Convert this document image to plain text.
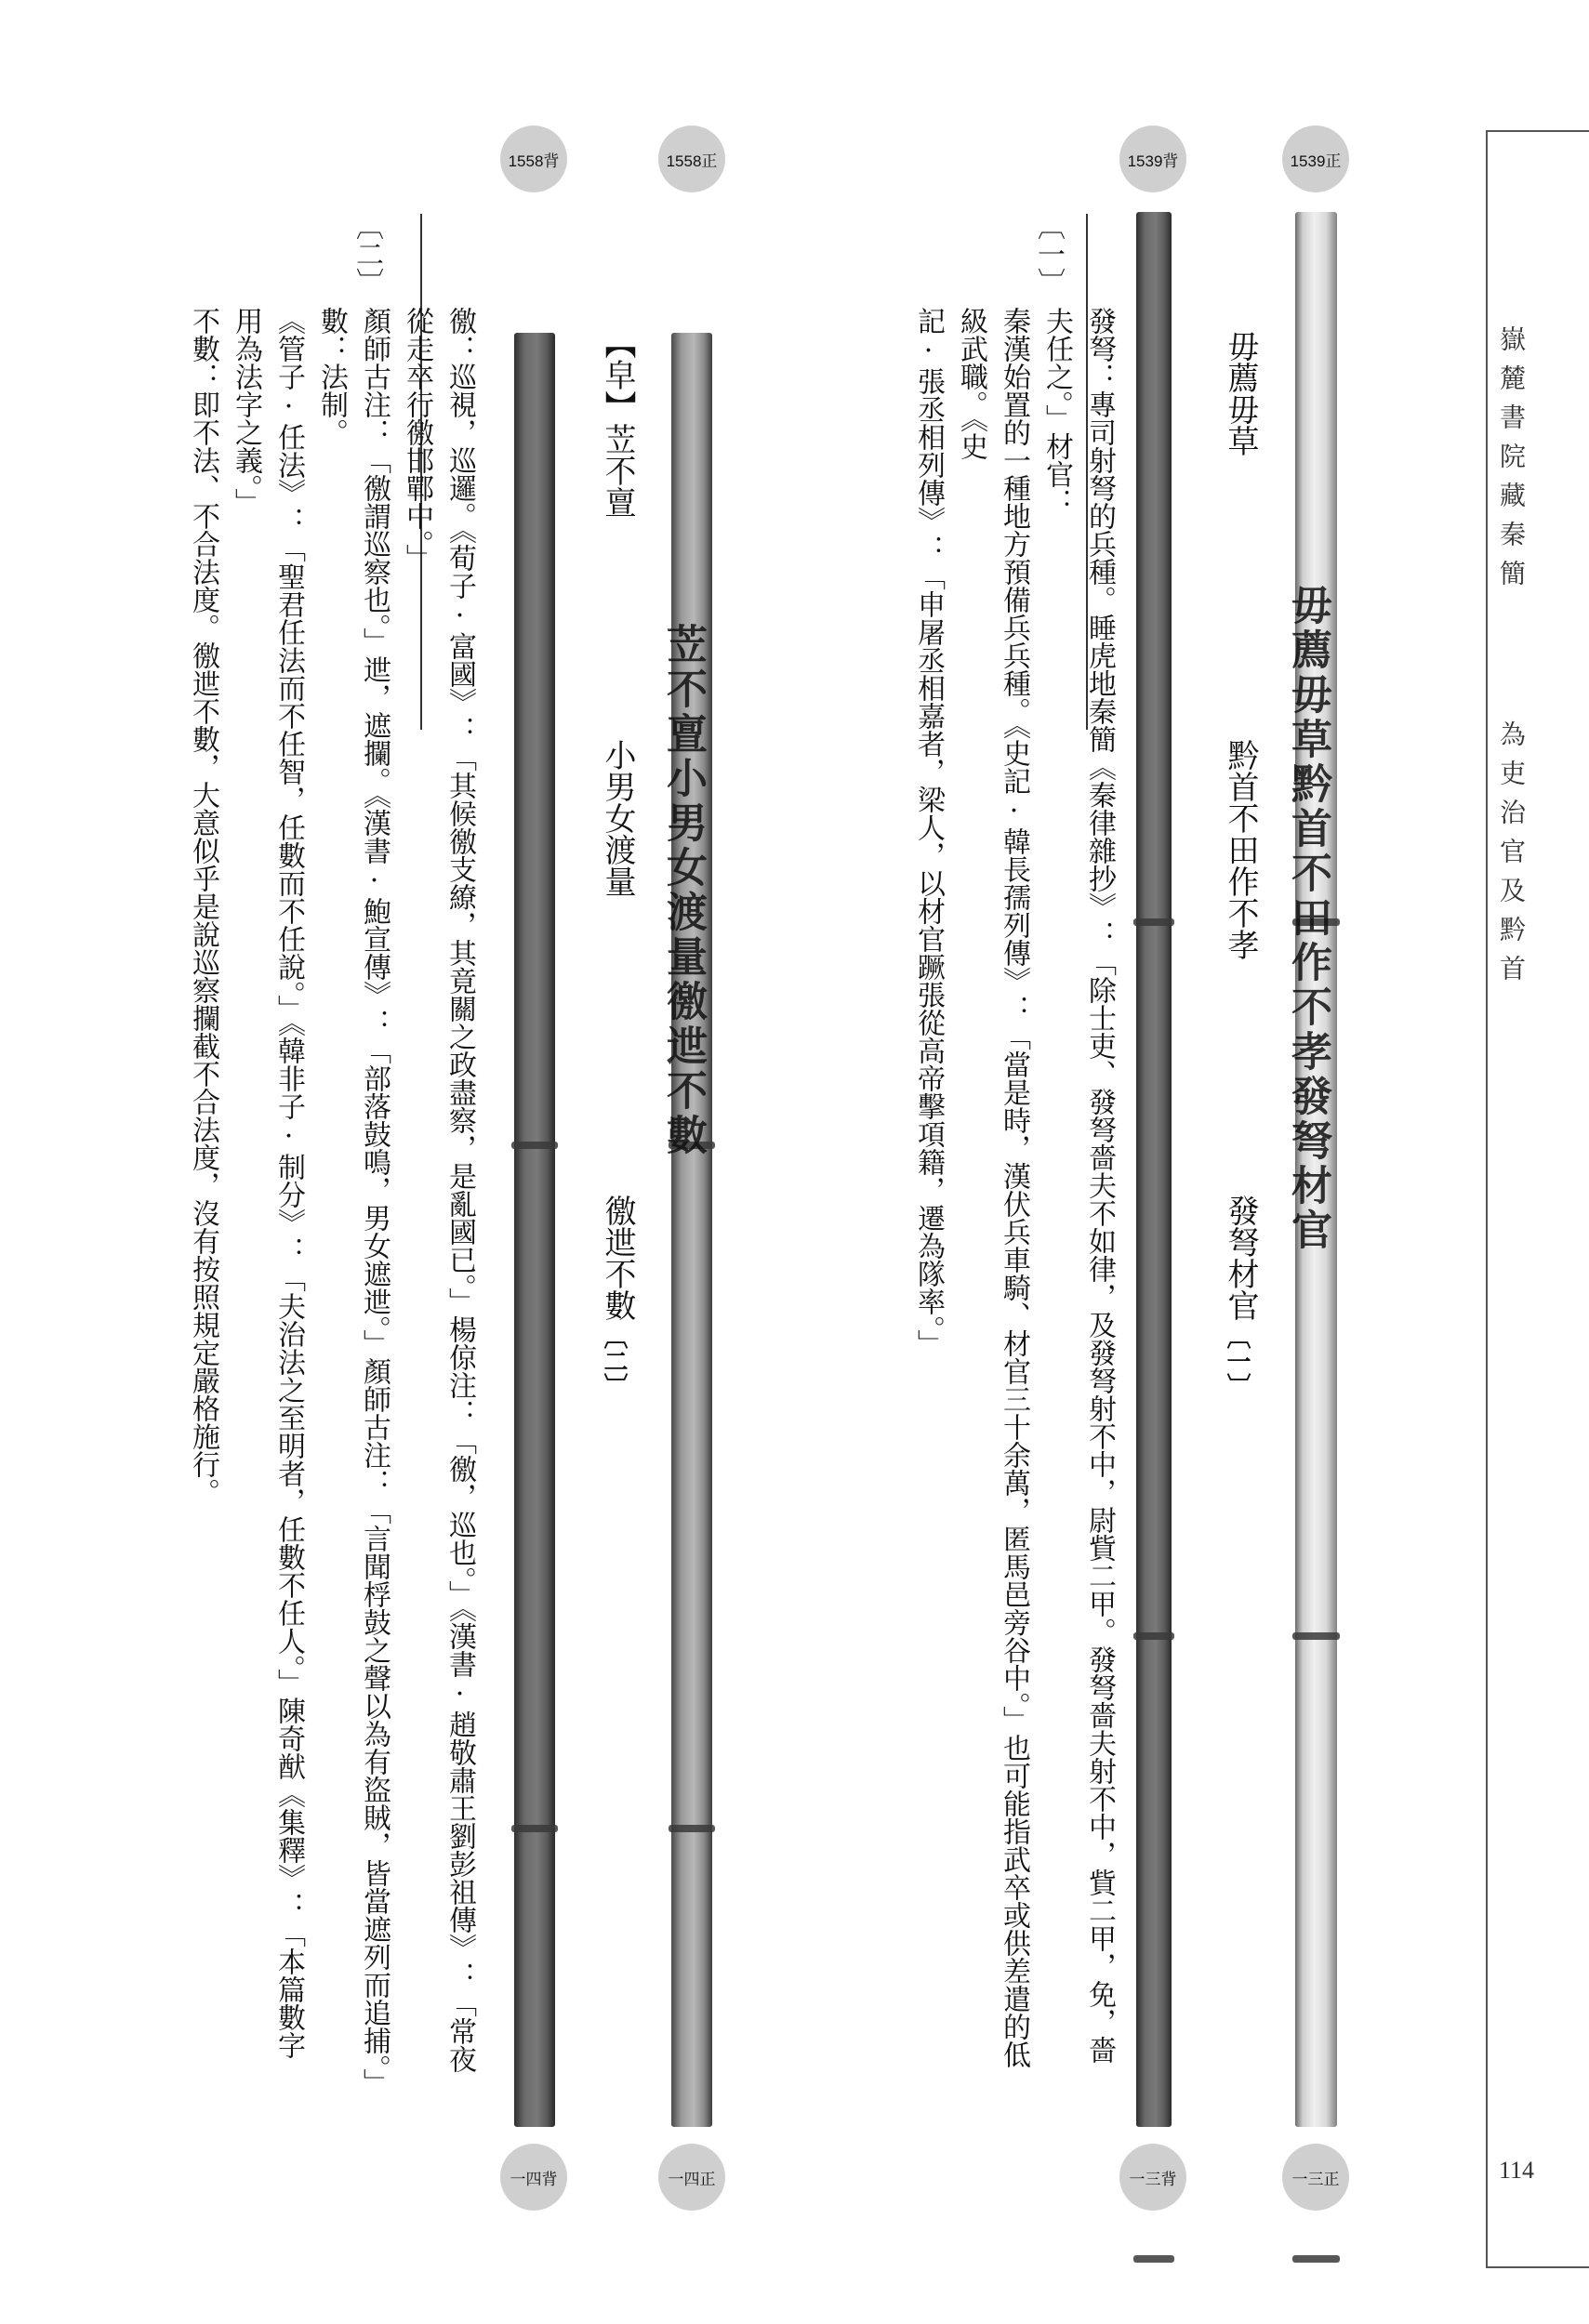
嶽麓書院藏秦簡
為吏治官及黔首
114
1539正
1539背
1558正
1558背
一三正
一三背
一四正
一四背
毋薦毋草黔首不田作不孝發弩材官
苙不亶小男女渡量徼迣不數
毋薦毋草
黔首不田作不孝
發弩材官
〔一〕
【皁】
苙不亶
小男女渡量
徼迣不數
〔二〕
〔一〕
發弩：專司射弩的兵種。睡虎地秦簡《秦律雜抄》：「除士吏、發弩嗇夫不如律，及發弩射不中，尉貲二甲。發弩嗇夫射不中，貲二甲，免，嗇夫任之。」材官：
秦漢始置的一種地方預備兵兵種。《史記·韓長孺列傳》：「當是時，漢伏兵車騎、材官三十余萬，匿馬邑旁谷中。」也可能指武卒或供差遣的低級武職。《史
記·張丞相列傳》：「申屠丞相嘉者，梁人，以材官蹶張從高帝擊項籍，遷為隊率。」
〔二〕
徼：巡視，巡邏。《荀子·富國》：「其候徼支繚，其竟關之政盡察，是亂國已。」楊倞注：「徼，巡也。」《漢書·趙敬肅王劉彭祖傳》：「常夜從走卒行徼邯鄲中。」
顏師古注：「徼謂巡察也。」迣，遮攔。《漢書·鮑宣傳》：「部落鼓鳴，男女遮迣。」顏師古注：「言聞桴鼓之聲以為有盜賊，皆當遮列而追捕。」數：法制。
《管子·任法》：「聖君任法而不任智，任數而不任說。」《韓非子·制分》：「夫治法之至明者，任數不任人。」陳奇猷《集釋》：「本篇數字用為法字之義。」
不數：即不法、不合法度。徼迣不數，大意似乎是說巡察攔截不合法度，沒有按照規定嚴格施行。
